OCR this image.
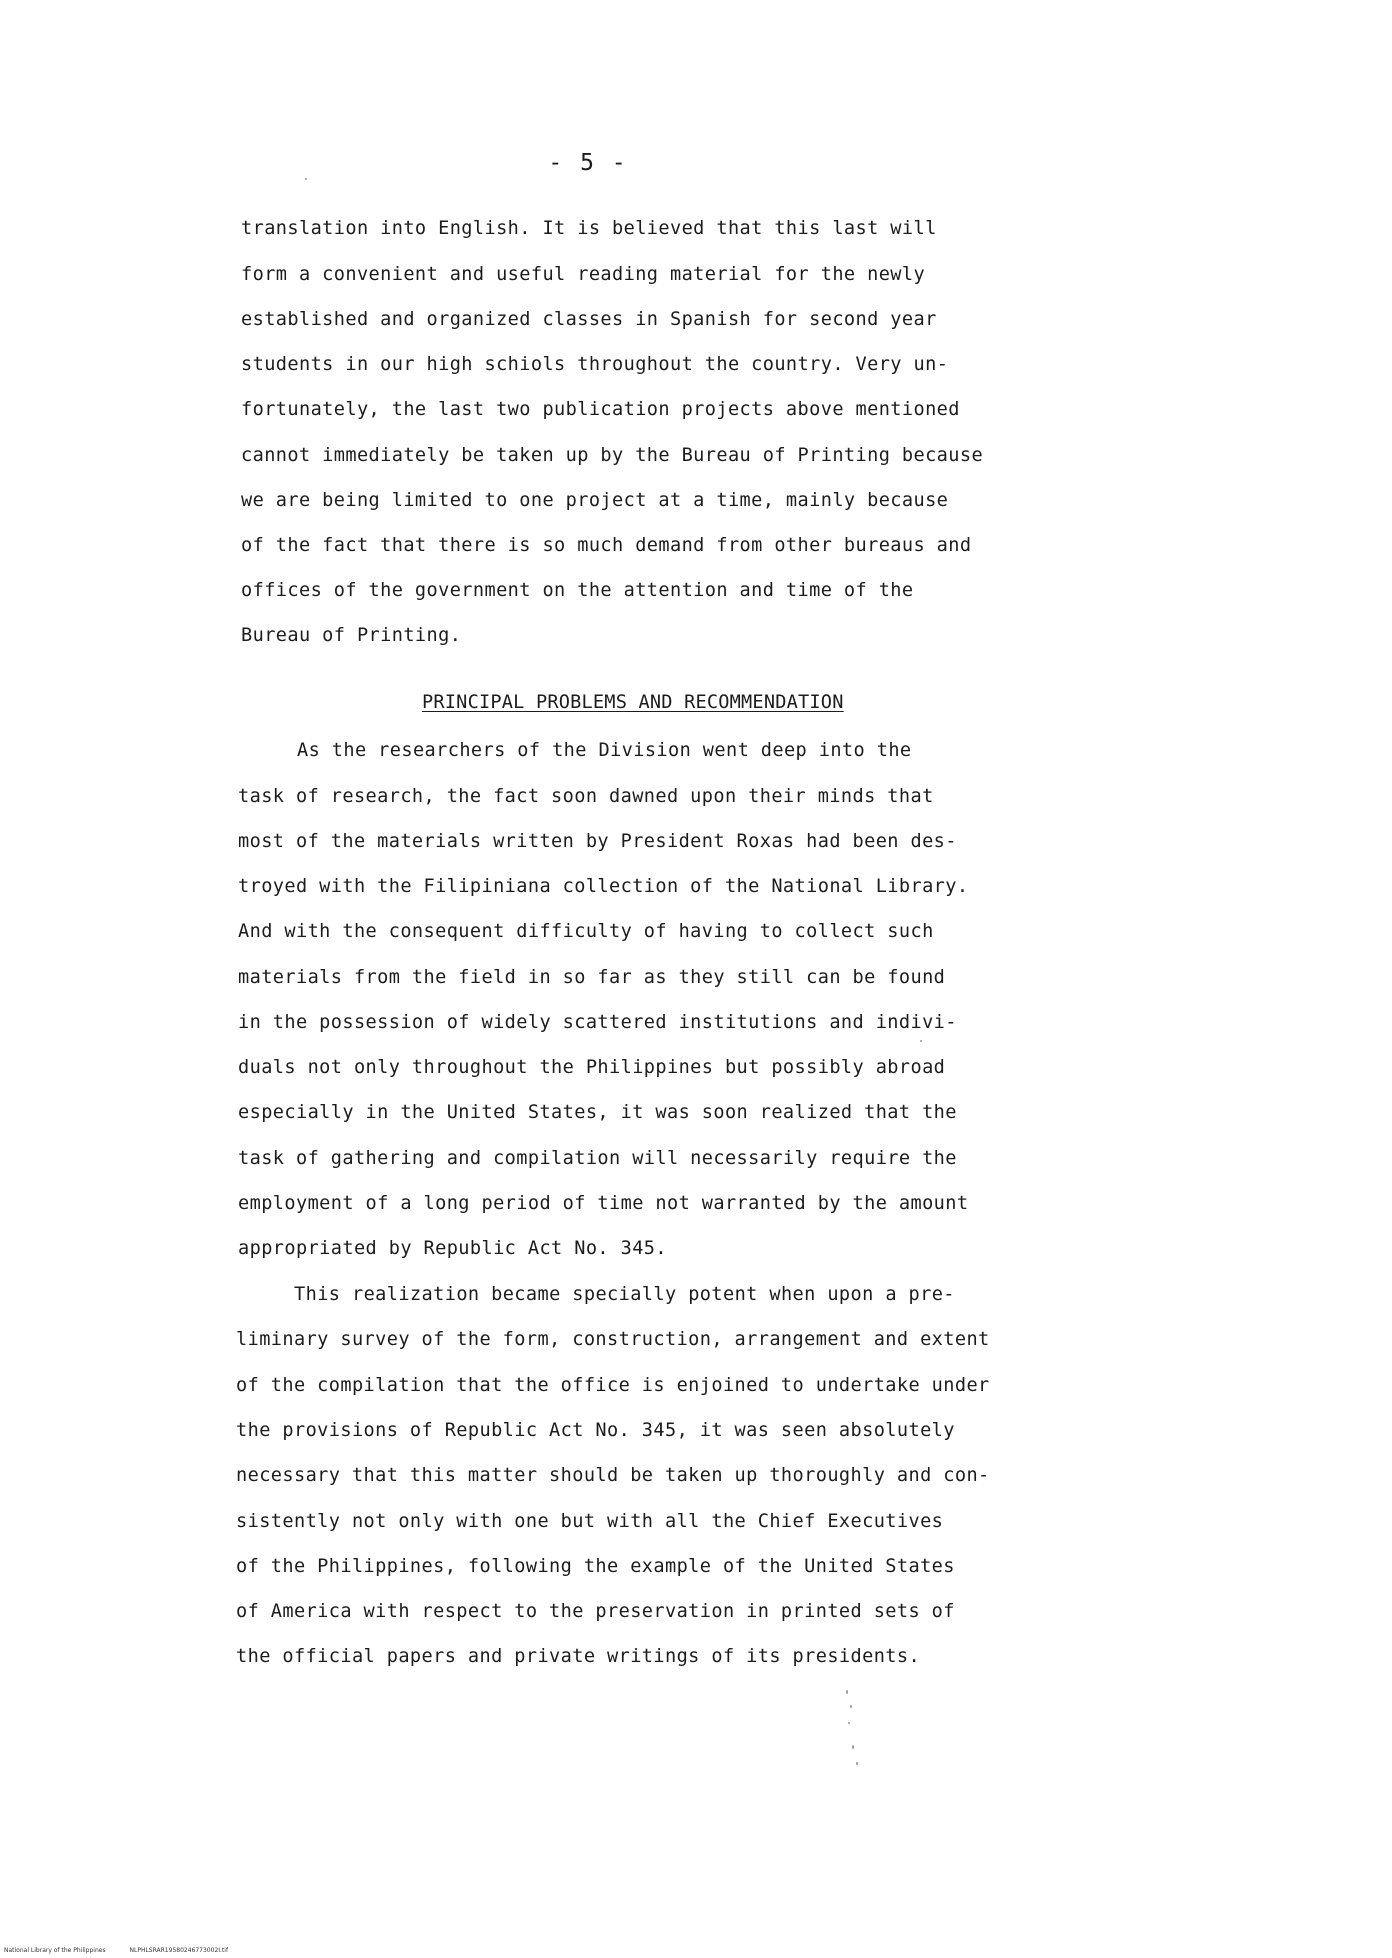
- 5 -
translation into English. It is believed that this last will
form a convenient and useful reading material for the newly
established and organized classes in Spanish for second year
students in our high schiols throughout the country. Very un-
fortunately, the last two publication projects above mentioned
cannot immediately be taken up by the Bureau of Printing because
we are being limited to one project at a time, mainly because
of the fact that there is so much demand from other bureaus and
offices of the government on the attention and time of the
Bureau of Printing.
PRINCIPAL PROBLEMS AND RECOMMENDATION
As the researchers of the Division went deep into the
task of research, the fact soon dawned upon their minds that
most of the materials written by President Roxas had been des-
troyed with the Filipiniana collection of the National Library.
And with the consequent difficulty of having to collect such
materials from the field in so far as they still can be found
in the possession of widely scattered institutions and indivi-
duals not only throughout the Philippines but possibly abroad
especially in the United States, it was soon realized that the
task of gathering and compilation will necessarily require the
employment of a long period of time not warranted by the amount
appropriated by Republic Act No. 345.
This realization became specially potent when upon a pre-
liminary survey of the form, construction, arrangement and extent
of the compilation that the office is enjoined to undertake under
the provisions of Republic Act No. 345, it was seen absolutely
necessary that this matter should be taken up thoroughly and con-
sistently not only with one but with all the Chief Executives
of the Philippines, following the example of the United States
of America with respect to the preservation in printed sets of
the official papers and private writings of its presidents.
National Library of the Philippines	NLPHLSRAR19580246773002I.tif
